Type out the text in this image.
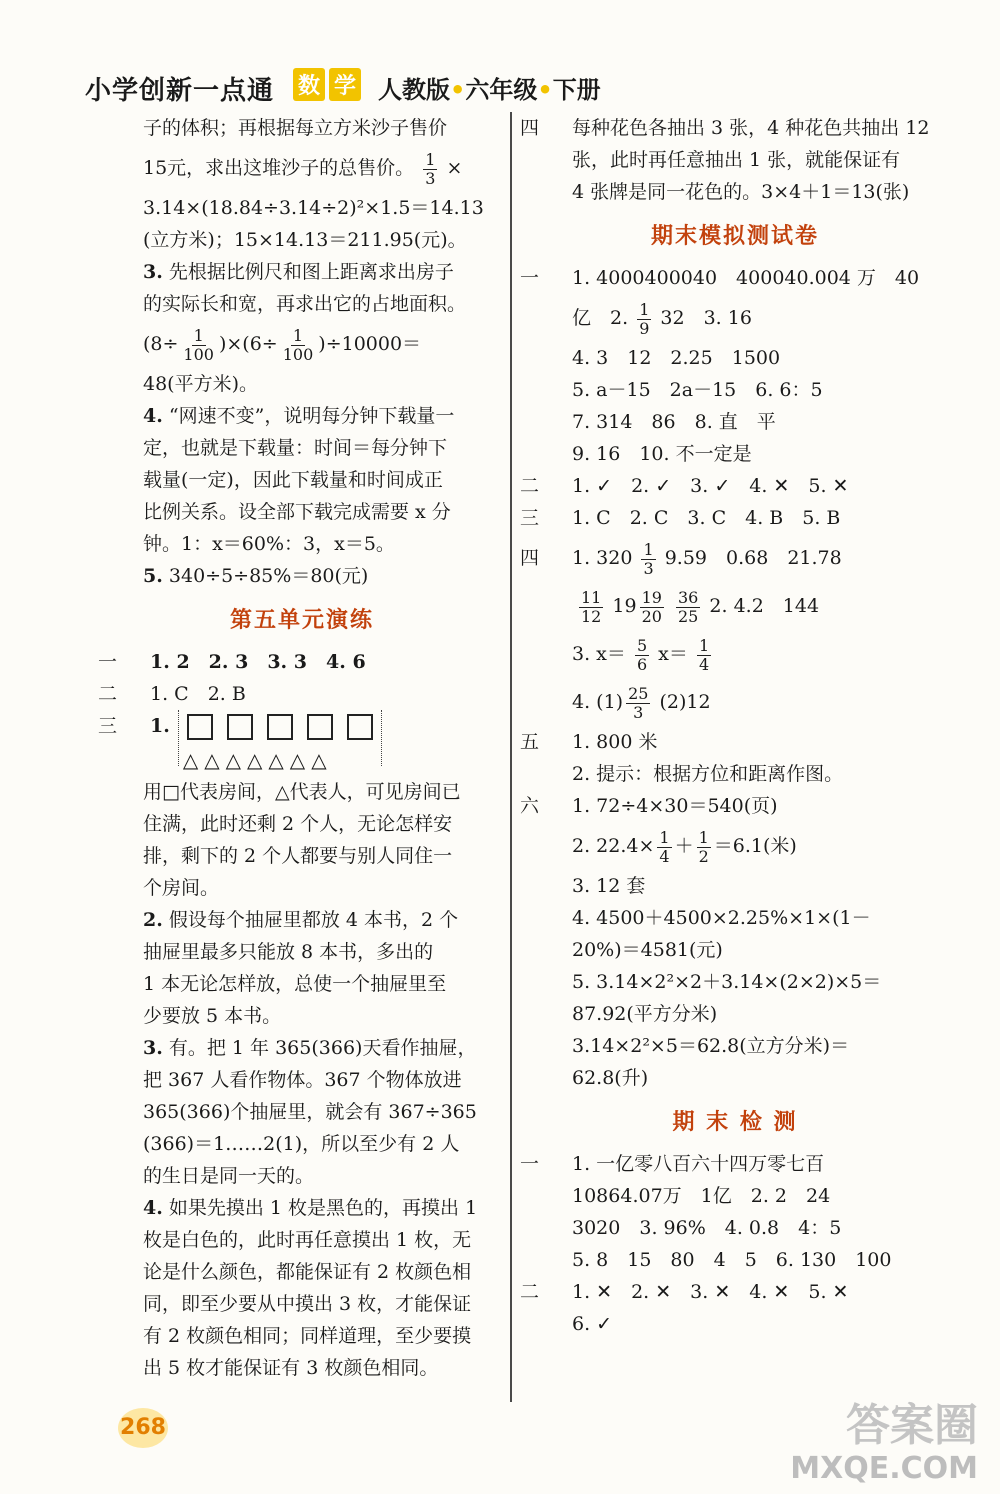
小学创新一点通 数 学 人教版•六年级•下册

子的体积；再根据每立方米沙子售价

15元，求出这堆沙子的总售价。 $\frac{1}{3}$ ×

3.14×(18.84÷3.14÷2)²×1.5＝14.13

(立方米)；15×14.13＝211.95(元)。

3. 先根据比例尺和图上距离求出房子

的实际长和宽，再求出它的占地面积。

$(8\div \frac{1}{100} )\times(6\div \frac{1}{100} )\div 10000=$

48(平方米)。

4. “网速不变”，说明每分钟下载量一

定，也就是下载量：时间＝每分钟下

载量(一定)，因此下载量和时间成正

比例关系。设全部下载完成需要 x 分

钟。1：x＝60%：3，x＝5。

5. 340÷5÷85%＝80(元)

第五单元演练
一 1. 2　2. 3　3. 3　4. 6
二 1. C　2. B
三 1.
△ △ △ △ △ △ △

用□代表房间，△代表人，可见房间已

住满，此时还剩 2 个人，无论怎样安

排，剩下的 2 个人都要与别人同住一

个房间。

2. 假设每个抽屉里都放 4 本书，2 个

抽屉里最多只能放 8 本书，多出的

1 本无论怎样放，总使一个抽屉里至

少要放 5 本书。

3. 有。把 1 年 365(366)天看作抽屉，

把 367 人看作物体。367 个物体放进

365(366)个抽屉里，就会有 367÷365

(366)＝1……2(1)，所以至少有 2 人

的生日是同一天的。

4. 如果先摸出 1 枚是黑色的，再摸出 1

枚是白色的，此时再任意摸出 1 枚，无

论是什么颜色，都能保证有 2 枚颜色相

同，即至少要从中摸出 3 枚，才能保证

有 2 枚颜色相同；同样道理，至少要摸

出 5 枚才能保证有 3 枚颜色相同。

四 每种花色各抽出 3 张，4 种花色共抽出 12

张，此时再任意抽出 1 张，就能保证有

4 张牌是同一花色的。3×4＋1＝13(张)

期末模拟测试卷
一 1. 4000400040　400040.004 万　40
亿　2. $\frac{1}{9} 32$　3. 16
4. 3　12　2.25　1500
5. a－15　2a－15　6. 6：5
7. 314　86　8. 直　平
9. 16　10. 不一定是
二 1. ✓　2. ✓　3. ✓　4. ✕　5. ✕
三 1. C　2. C　3. C　4. B　5. B
四 1. $320 \frac{1}{3} 9.59$　0.68　21.78
$\frac{11}{12} 19 \frac{19}{20}$
$\frac{36}{25} 2$. 4.2　144
3. $x= \frac{5}{6} x= \frac{1}{4}$
4. $(1) \frac{25}{3} (2)12$
五 1. 800 米
2. 提示：根据方位和距离作图。
六 1. 72÷4×30＝540(页)
2. $22.4\times \frac{1}{4} + \frac{1}{2} =6.1$(米)
3. 12 套
4. 4500＋4500×2.25%×1×(1－
20%)＝4581(元)
5. 3.14×2²×2＋3.14×(2×2)×5＝
87.92(平方分米)
3.14×2²×5＝62.8(立方分米)＝
62.8(升)
期 末 检 测
一 1. 一亿零八百六十四万零七百
10864.07万　1亿　2. 2　24
3020　3. 96%　4. 0.8　4：5
5. 8　15　80　4　5　6. 130　100
二 1. ✕　2. ✕　3. ✕　4. ✕　5. ✕
6. ✓
268	答案圈
MXQE.COM
